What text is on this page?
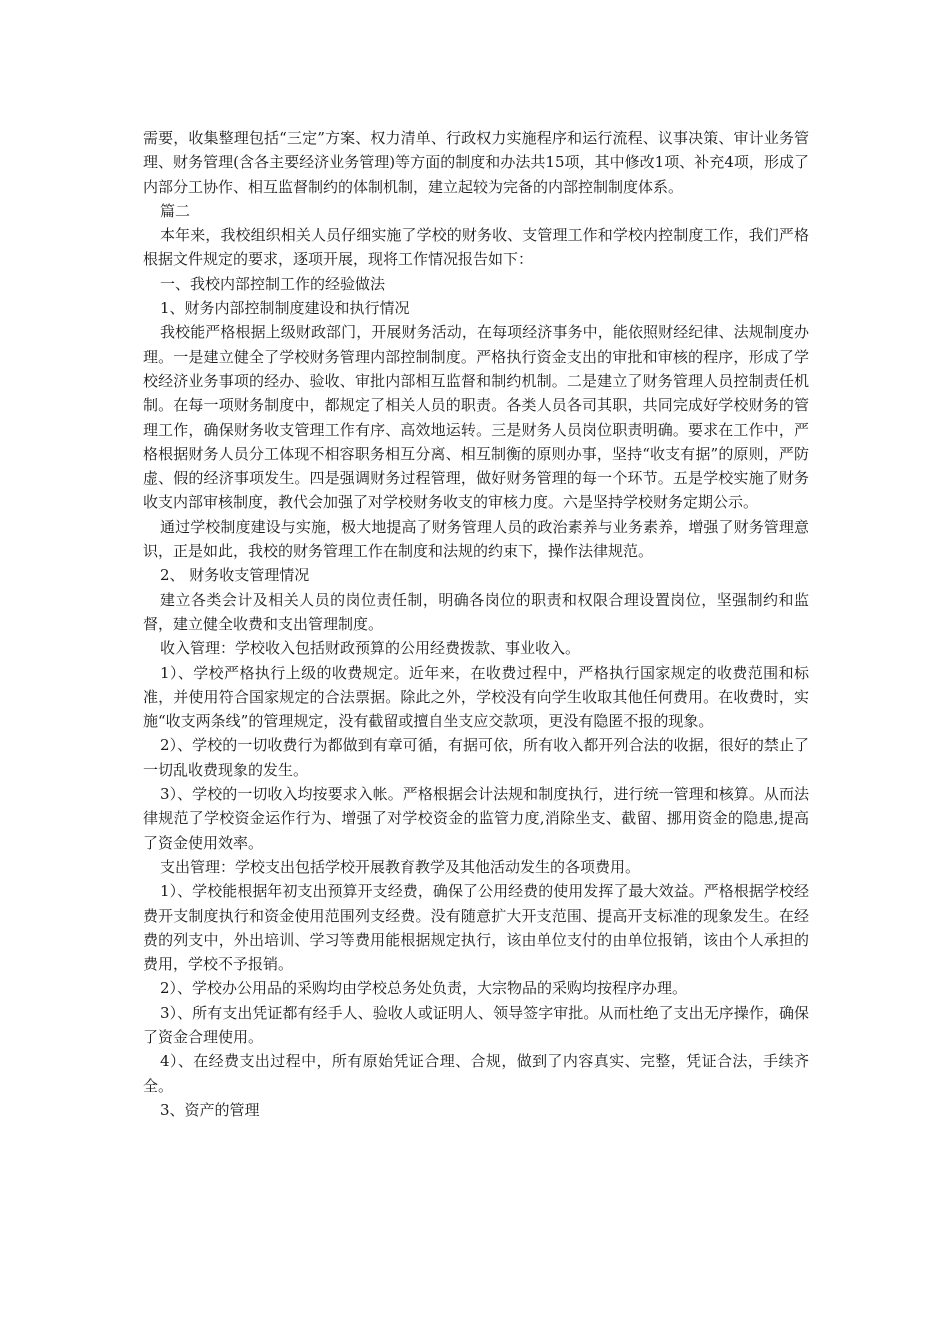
需要，收集整理包括“三定”方案、权力清单、行政权力实施程序和运行流程、议事决策、审计业务管理、财务管理(含各主要经济业务管理)等方面的制度和办法共15项，其中修改1项、补充4项，形成了内部分工协作、相互监督制约的体制机制，建立起较为完备的内部控制制度体系。

篇二

本年来，我校组织相关人员仔细实施了学校的财务收、支管理工作和学校内控制度工作，我们严格根据文件规定的要求，逐项开展，现将工作情况报告如下：

一、我校内部控制工作的经验做法

1、财务内部控制制度建设和执行情况

我校能严格根据上级财政部门，开展财务活动，在每项经济事务中，能依照财经纪律、法规制度办理。一是建立健全了学校财务管理内部控制制度。严格执行资金支出的审批和审核的程序，形成了学校经济业务事项的经办、验收、审批内部相互监督和制约机制。二是建立了财务管理人员控制责任机制。在每一项财务制度中，都规定了相关人员的职责。各类人员各司其职，共同完成好学校财务的管理工作，确保财务收支管理工作有序、高效地运转。三是财务人员岗位职责明确。要求在工作中，严格根据财务人员分工体现不相容职务相互分离、相互制衡的原则办事，坚持“收支有据”的原则，严防虚、假的经济事项发生。四是强调财务过程管理，做好财务管理的每一个环节。五是学校实施了财务收支内部审核制度，教代会加强了对学校财务收支的审核力度。六是坚持学校财务定期公示。

通过学校制度建设与实施，极大地提高了财务管理人员的政治素养与业务素养，增强了财务管理意识，正是如此，我校的财务管理工作在制度和法规的约束下，操作法律规范。

2、 财务收支管理情况

建立各类会计及相关人员的岗位责任制，明确各岗位的职责和权限合理设置岗位，坚强制约和监督，建立健全收费和支出管理制度。

收入管理：学校收入包括财政预算的公用经费拨款、事业收入。

1）、学校严格执行上级的收费规定。近年来，在收费过程中，严格执行国家规定的收费范围和标准，并使用符合国家规定的合法票据。除此之外，学校没有向学生收取其他任何费用。在收费时，实施“收支两条线”的管理规定，没有截留或擅自坐支应交款项，更没有隐匿不报的现象。

2）、学校的一切收费行为都做到有章可循，有据可依，所有收入都开列合法的收据，很好的禁止了一切乱收费现象的发生。

3）、学校的一切收入均按要求入帐。严格根据会计法规和制度执行，进行统一管理和核算。从而法律规范了学校资金运作行为、增强了对学校资金的监管力度,消除坐支、截留、挪用资金的隐患,提高了资金使用效率。

支出管理：学校支出包括学校开展教育教学及其他活动发生的各项费用。

1）、学校能根据年初支出预算开支经费，确保了公用经费的使用发挥了最大效益。严格根据学校经费开支制度执行和资金使用范围列支经费。没有随意扩大开支范围、提高开支标准的现象发生。在经费的列支中，外出培训、学习等费用能根据规定执行，该由单位支付的由单位报销，该由个人承担的费用，学校不予报销。

2）、学校办公用品的采购均由学校总务处负责，大宗物品的采购均按程序办理。

3）、所有支出凭证都有经手人、验收人或证明人、领导签字审批。从而杜绝了支出无序操作，确保了资金合理使用。

4）、在经费支出过程中，所有原始凭证合理、合规，做到了内容真实、完整，凭证合法，手续齐全。

3、资产的管理
